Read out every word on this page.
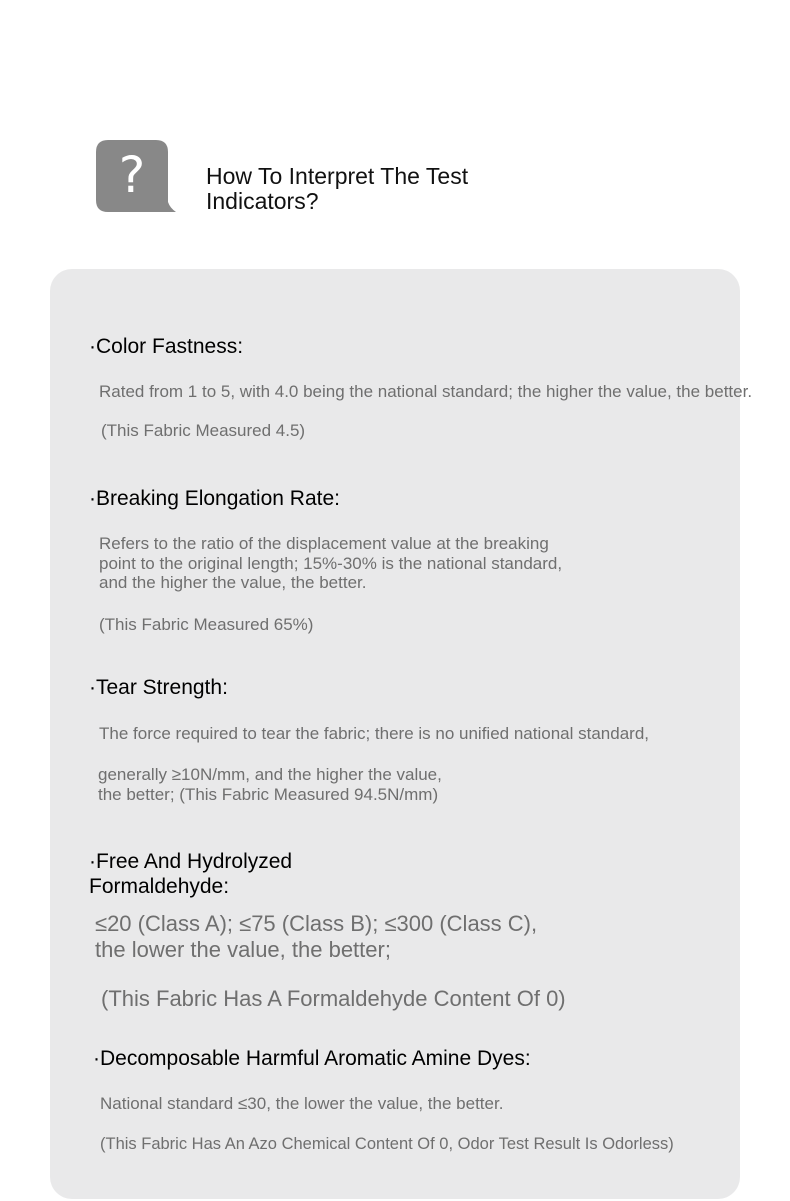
?	How To Interpret The Test Indicators?
·Color Fastness:
Rated from 1 to 5, with 4.0 being the national standard; the higher the value, the better.
(This Fabric Measured 4.5)
·Breaking Elongation Rate:
Refers to the ratio of the displacement value at the breaking point to the original length; 15%-30% is the national standard, and the higher the value, the better.
(This Fabric Measured 65%)
·Tear Strength:
The force required to tear the fabric; there is no unified national standard,
generally ≥10N/mm, and the higher the value, the better; (This Fabric Measured 94.5N/mm)
·Free And Hydrolyzed Formaldehyde:
≤20 (Class A); ≤75 (Class B); ≤300 (Class C), the lower the value, the better;
(This Fabric Has A Formaldehyde Content Of 0)
·Decomposable Harmful Aromatic Amine Dyes:
National standard ≤30, the lower the value, the better.
(This Fabric Has An Azo Chemical Content Of 0, Odor Test Result Is Odorless)
